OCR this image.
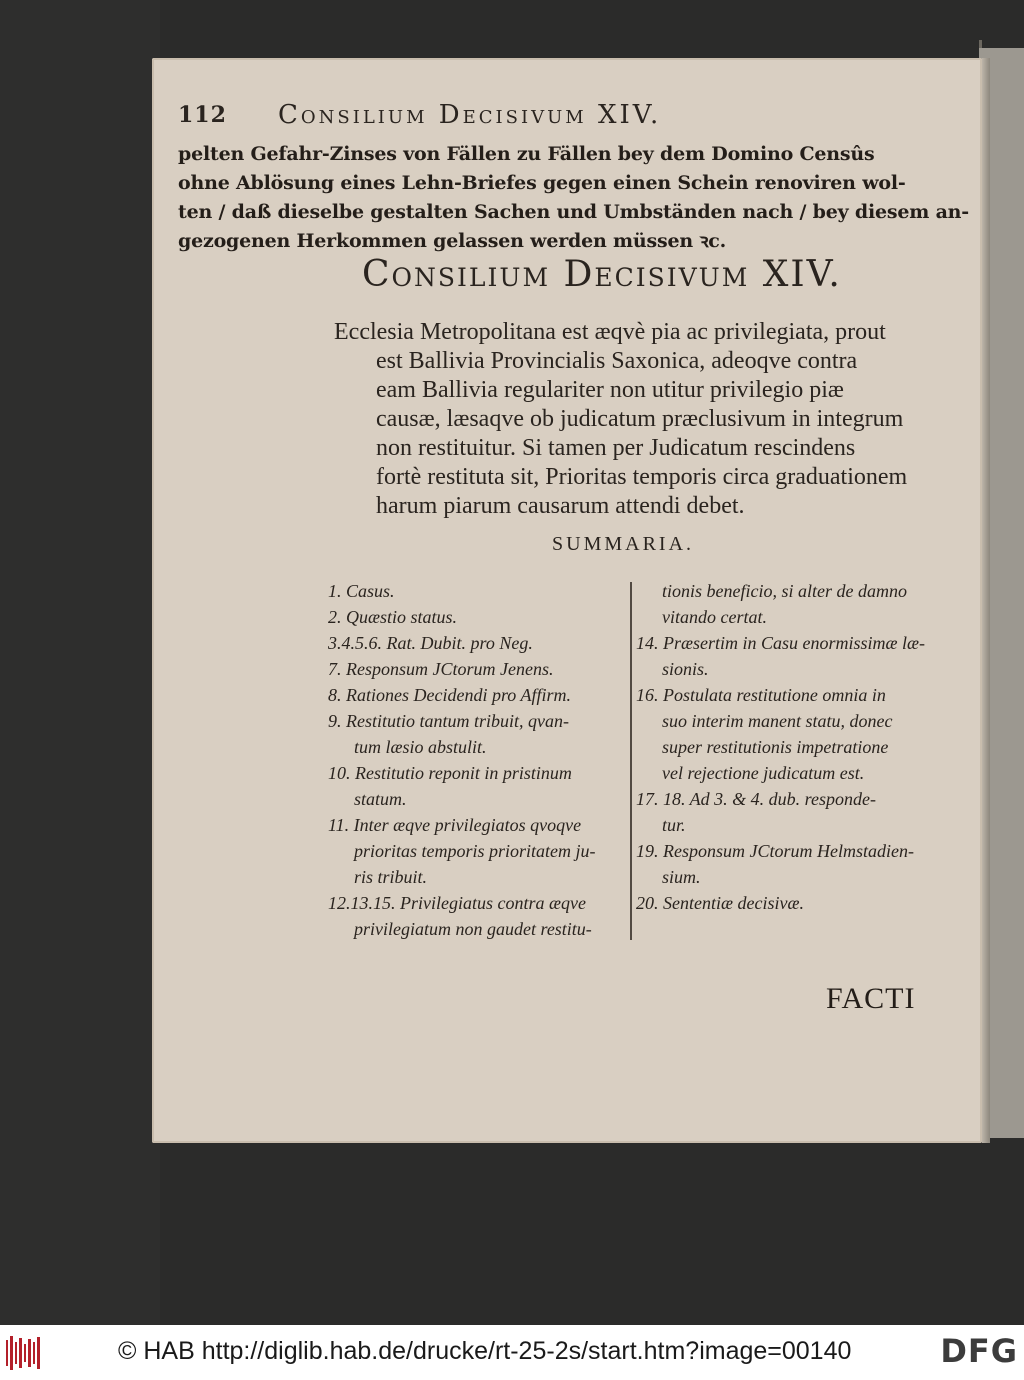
112 Consilium Decisivum XIV.
pelten Gefahr-Zinses von Fällen zu Fällen bey dem Domino Censûs
ohne Ablösung eines Lehn-Briefes gegen einen Schein renoviren wol-
ten / daß dieselbe gestalten Sachen und Umbständen nach / bey diesem an-
gezogenen Herkommen gelassen werden müssen ꝛc.
Consilium Decisivum XIV.
Ecclesia Metropolitana est æqvè pia ac privilegiata, prout
est Ballivia Provincialis Saxonica, adeoqve contra
eam Ballivia regulariter non utitur privilegio piæ
causæ, læsaqve ob judicatum præclusivum in integrum
non restituitur. Si tamen per Judicatum rescindens
fortè restituta sit, Prioritas temporis circa graduationem
harum piarum causarum attendi debet.
SUMMARIA.
1. Casus.
2. Quæstio status.
3.4.5.6. Rat. Dubit. pro Neg.
7. Responsum JCtorum Jenens.
8. Rationes Decidendi pro Affirm.
9. Restitutio tantum tribuit, qvan-
tum læsio abstulit.
10. Restitutio reponit in pristinum
statum.
11. Inter æqve privilegiatos qvoqve
prioritas temporis prioritatem ju-
ris tribuit.
12.13.15. Privilegiatus contra æqve
privilegiatum non gaudet restitu-
tionis beneficio, si alter de damno
vitando certat.
14. Præsertim in Casu enormissimæ læ-
sionis.
16. Postulata restitutione omnia in
suo interim manent statu, donec
super restitutionis impetratione
vel rejectione judicatum est.
17. 18. Ad 3. & 4. dub. responde-
tur.
19. Responsum JCtorum Helmstadien-
sium.
20. Sententiæ decisivæ.
FACTI
© HAB http://diglib.hab.de/drucke/rt-25-2s/start.htm?image=00140	DFG
